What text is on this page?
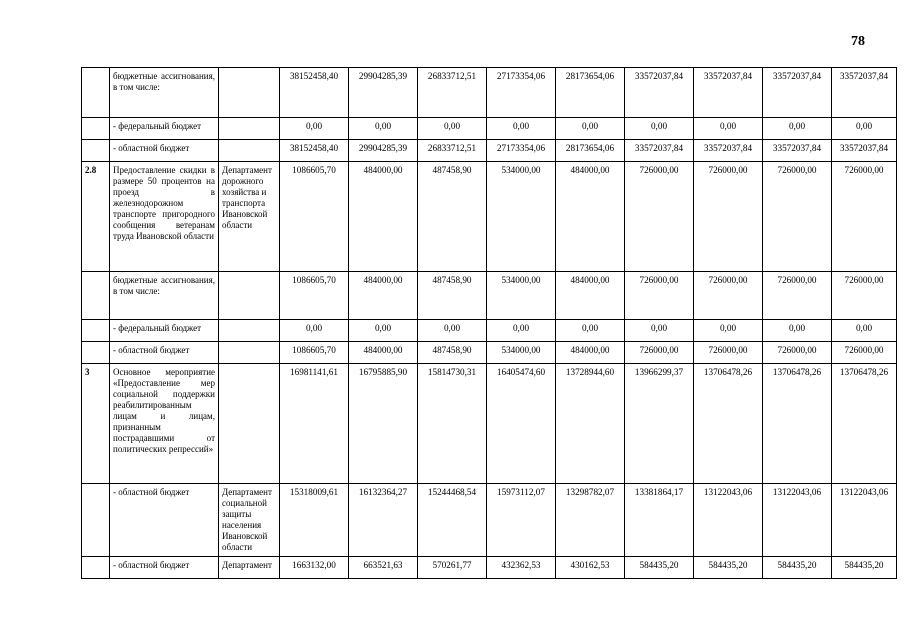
78
	бюджетные ассигнования, в том числе:		38152458,40	29904285,39	26833712,51	27173354,06	28173654,06	33572037,84	33572037,84	33572037,84	33572037,84
	- федеральный бюджет		0,00	0,00	0,00	0,00	0,00	0,00	0,00	0,00	0,00
	- областной бюджет		38152458,40	29904285,39	26833712,51	27173354,06	28173654,06	33572037,84	33572037,84	33572037,84	33572037,84
2.8	Предоставление скидки в размере 50 процентов на проезд в железнодорожном транспорте пригородного сообщения ветеранам труда Ивановской области	Департамент дорожного хозяйства и транспорта Ивановской области	1086605,70	484000,00	487458,90	534000,00	484000,00	726000,00	726000,00	726000,00	726000,00
	бюджетные ассигнования, в том числе:		1086605,70	484000,00	487458,90	534000,00	484000,00	726000,00	726000,00	726000,00	726000,00
	- федеральный бюджет		0,00	0,00	0,00	0,00	0,00	0,00	0,00	0,00	0,00
	- областной бюджет		1086605,70	484000,00	487458,90	534000,00	484000,00	726000,00	726000,00	726000,00	726000,00
3	Основное мероприятие «Предоставление мер социальной поддержки реабилитированным лицам и лицам, признанным пострадавшими от политических репрессий»		16981141,61	16795885,90	15814730,31	16405474,60	13728944,60	13966299,37	13706478,26	13706478,26	13706478,26
	- областной бюджет	Департамент социальной защиты населения Ивановской области	15318009,61	16132364,27	15244468,54	15973112,07	13298782,07	13381864,17	13122043,06	13122043,06	13122043,06
	- областной бюджет	Департамент	1663132,00	663521,63	570261,77	432362,53	430162,53	584435,20	584435,20	584435,20	584435,20
